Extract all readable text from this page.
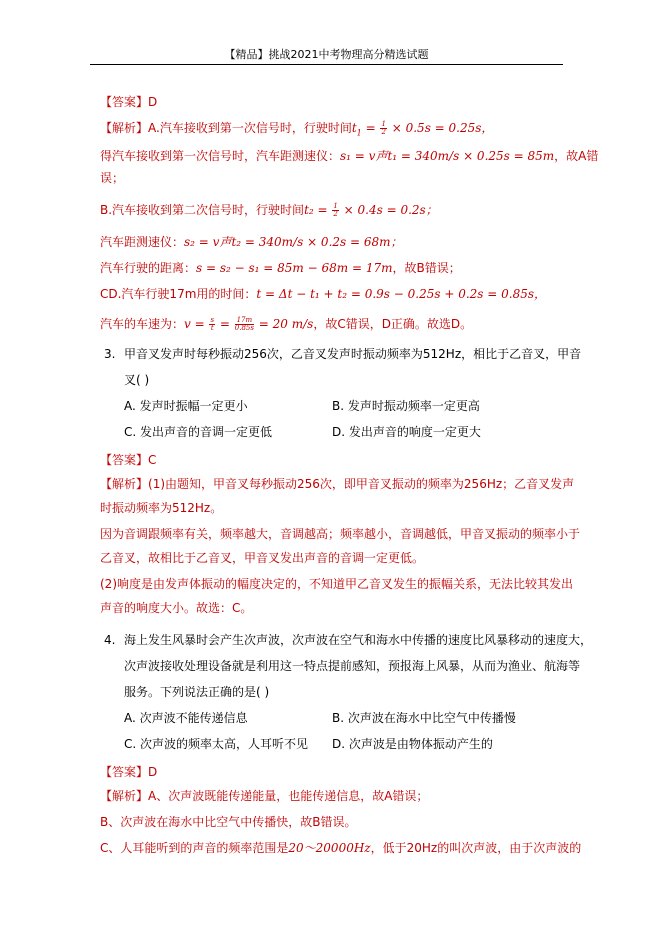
【精品】挑战2021中考物理高分精选试题
【答案】D
【解析】A.汽车接收到第一次信号时，行驶时间$t_1 = \frac{1}{2} \times 0.5s = 0.25s$，
得汽车接收到第一次信号时，汽车距测速仪：s₁ = v声t₁ = 340m/s × 0.25s = 85m，故A错
误；
B.汽车接收到第二次信号时，行驶时间$t_2 = \frac{1}{2} \times 0.4s = 0.2s$；
汽车距测速仪：s₂ = v声t₂ = 340m/s × 0.2s = 68m；
汽车行驶的距离：s = s₂ − s₁ = 85m − 68m = 17m，故B错误；
CD.汽车行驶17m用的时间：t = Δt − t₁ + t₂ = 0.9s − 0.25s + 0.2s = 0.85s，
汽车的车速为：$v = \frac{s}{t} = \frac{17m}{0.85s} = 20$ m/s，故C错误，D正确。故选D。
3. 甲音叉发声时每秒振动256次，乙音叉发声时振动频率为512Hz，相比于乙音叉，甲音
叉( )
A. 发声时振幅一定更小	B. 发声时振动频率一定更高
C. 发出声音的音调一定更低	D. 发出声音的响度一定更大
【答案】C
【解析】(1)由题知，甲音叉每秒振动256次，即甲音叉振动的频率为256Hz；乙音叉发声
时振动频率为512Hz。
因为音调跟频率有关，频率越大，音调越高；频率越小，音调越低，甲音叉振动的频率小于
乙音叉，故相比于乙音叉，甲音叉发出声音的音调一定更低。
(2)响度是由发声体振动的幅度决定的，不知道甲乙音叉发生的振幅关系，无法比较其发出
声音的响度大小。故选：C。
4. 海上发生风暴时会产生次声波，次声波在空气和海水中传播的速度比风暴移动的速度大，
次声波接收处理设备就是利用这一特点提前感知，预报海上风暴，从而为渔业、航海等
服务。下列说法正确的是( )
A. 次声波不能传递信息	B. 次声波在海水中比空气中传播慢
C. 次声波的频率太高，人耳听不见 D. 次声波是由物体振动产生的
【答案】D
【解析】A、次声波既能传递能量，也能传递信息，故A错误；
B、次声波在海水中比空气中传播快，故B错误。
C、人耳能听到的声音的频率范围是20～20000Hz，低于20Hz的叫次声波，由于次声波的
